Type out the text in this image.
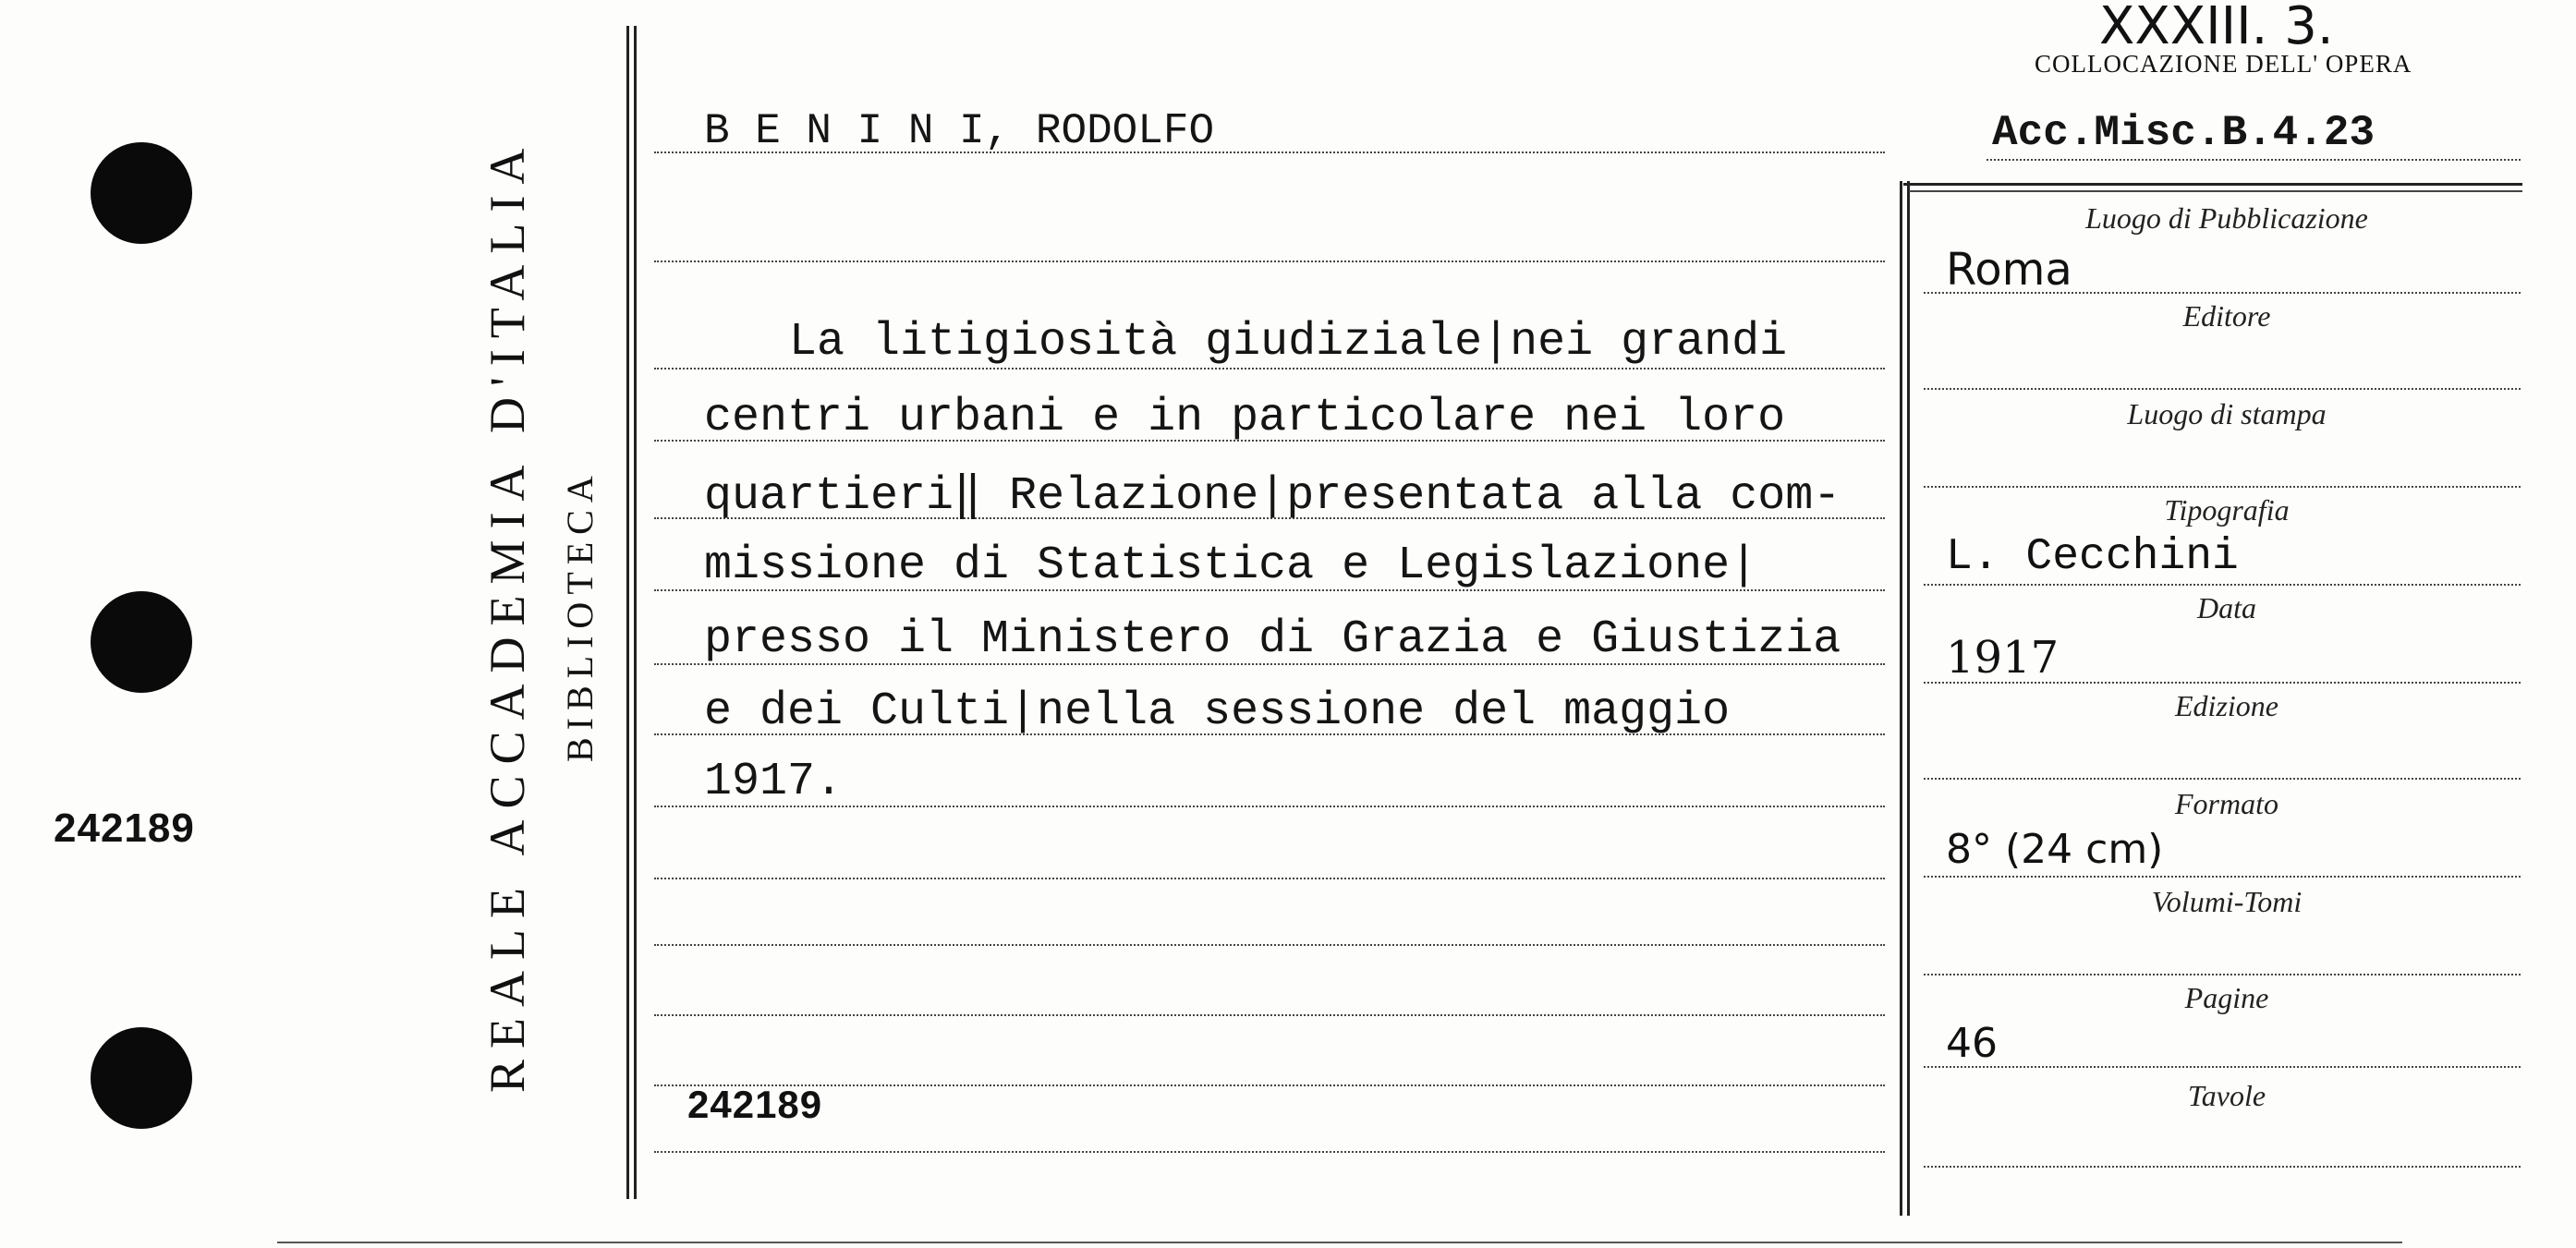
242189	REALE ACCADEMIA D'ITALIA BIBLIOTECA
XXXIII. 3.
COLLOCAZIONE DELL' OPERA
Acc.Misc.B.4.23
B E N I N I, RODOLFO
La litigiosità giudiziale|nei grandi
centri urbani e in particolare nei loro
quartieri‖ Relazione|presentata alla com-
missione di Statistica e Legislazione|
presso il Ministero di Grazia e Giustizia
e dei Culti|nella sessione del maggio
1917.
242189
Luogo di Pubblicazione
Roma
Editore
Luogo di stampa
Tipografia
L. Cecchini
Data
1917
Edizione
Formato
8° (24 cm)
Volumi-Tomi
Pagine
46
Tavole
